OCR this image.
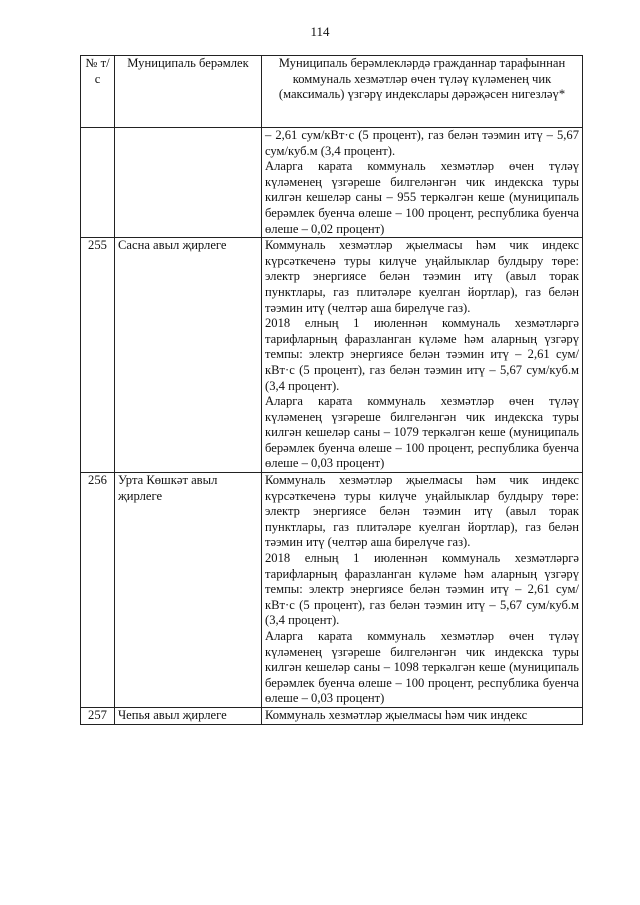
114
№ т/с	Муниципаль берәмлек	Муниципаль берәмлекләрдә гражданнар тарафыннан коммуналь хезмәтләр өчен түләү күләменең чик (максималь) үзгәрү индекслары дәрәҗәсен нигезләү*

		– 2,61 сум/кВт·с (5 процент), газ белән тәэмин итү – 5,67 сум/куб.м (3,4 процент).
Аларга карата коммуналь хезмәтләр өчен түләү күләменең үзгәреше билгеләнгән чик индекска туры килгән кешеләр саны – 955 теркәлгән кеше (муниципаль берәмлек буенча өлеше – 100 процент, республика буенча өлеше – 0,02 процент)

255	Сасна авыл җирлеге	Коммуналь хезмәтләр җыелмасы һәм чик индекс күрсәткеченә туры килүче уңайлыклар булдыру төре: электр энергиясе белән тәэмин итү (авыл торак пунктлары, газ плитәләре куелган йортлар), газ белән тәэмин итү (челтәр аша бирелүче газ).
2018 елның 1 июленнән коммуналь хезмәтләргә тарифларның фаразланган күләме һәм аларның үзгәрү темпы: электр энергиясе белән тәэмин итү – 2,61 сум/кВт·с (5 процент), газ белән тәэмин итү – 5,67 сум/куб.м (3,4 процент).
Аларга карата коммуналь хезмәтләр өчен түләү күләменең үзгәреше билгеләнгән чик индекска туры килгән кешеләр саны – 1079 теркәлгән кеше (муниципаль берәмлек буенча өлеше – 100 процент, республика буенча өлеше – 0,03 процент)

256	Урта Көшкәт авыл җирлеге	Коммуналь хезмәтләр җыелмасы һәм чик индекс күрсәткеченә туры килүче уңайлыклар булдыру төре: электр энергиясе белән тәэмин итү (авыл торак пунктлары, газ плитәләре куелган йортлар), газ белән тәэмин итү (челтәр аша бирелүче газ).
2018 елның 1 июленнән коммуналь хезмәтләргә тарифларның фаразланган күләме һәм аларның үзгәрү темпы: электр энергиясе белән тәэмин итү – 2,61 сум/кВт·с (5 процент), газ белән тәэмин итү – 5,67 сум/куб.м (3,4 процент).
Аларга карата коммуналь хезмәтләр өчен түләү күләменең үзгәреше билгеләнгән чик индекска туры килгән кешеләр саны – 1098 теркәлгән кеше (муниципаль берәмлек буенча өлеше – 100 процент, республика буенча өлеше – 0,03 процент)

257	Чепья авыл җирлеге	Коммуналь хезмәтләр җыелмасы һәм чик индекс
